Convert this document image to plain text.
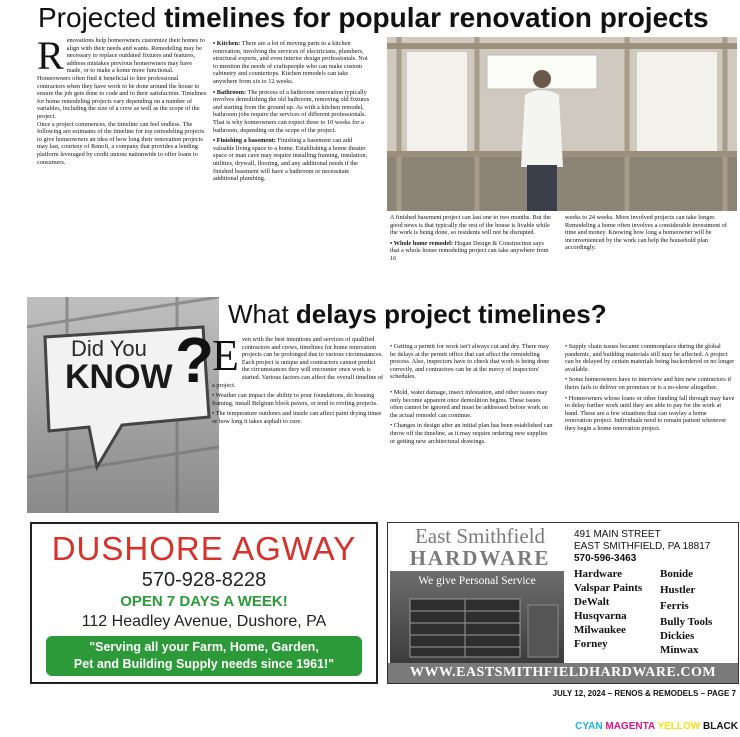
Projected timelines for popular renovation projects
R enovations help homeowners customize their homes to align with their needs and wants. Remodeling may be necessary to replace outdated fixtures and features, address mistakes previous homeowners may have made, or to make a home more functional.

Homeowners often find it beneficial to hire professional contractors when they have work to be done around the house to ensure the job gets done to code and to their satisfaction. Timelines for home remodeling projects vary depending on a number of variables, including the size of a crew as well as the scope of the project.

Once a project commences, the timeline can feel endless. The following are estimates of the timeline for top remodeling projects to give homeowners an idea of how long their renovation projects may last, courtesy of Renofi, a company that provides a lending platform leveraged by credit unions nationwide to offer loans to consumers.

• Kitchen: There are a lot of moving parts to a kitchen renovation, involving the services of electricians, plumbers, structural experts, and even interior design professionals. Not to mention the needs of craftspeople who can make custom cabinetry and countertops. Kitchen remodels can take anywhere from six to 12 weeks.

• Bathroom: The process of a bathroom renovation typically involves demolishing the old bathroom, removing old fixtures and starting from the ground up. As with a kitchen remodel, bathroom jobs require the services of different professionals. That is why homeowners can expect three to 10 weeks for a bathroom, depending on the scope of the project.

• Finishing a basement: Finishing a basement can add valuable living space to a home. Establishing a home theater space or man cave may require installing framing, insulation, utilities, drywall, flooring, and any additional needs if the finished basement will have a bathroom or necessitate additional plumbing.

A finished basement project can last one to two months. But the good news is that typically the rest of the house is livable while the work is being done, so residents will not be disrupted.

• Whole home remodel: Hogan Design & Construction says that a whole house remodeling project can take anywhere from 16

weeks to 24 weeks. More involved projects can take longer.

Remodeling a home often involves a considerable investment of time and money. Knowing how long a homeowner will be inconvenienced by the work can help the household plan accordingly.

Did You
KNOW ?
What delays project timelines?
E ven with the best intentions and services of qualified contractors and crews, timelines for home renovation projects can be prolonged due to various circumstances. Each project is unique and contractors cannot predict the circumstances they will encounter once work is started. Various factors can affect the overall timeline of a project.

• Weather can impact the ability to pour foundations, do housing framing, install Belgium block pavers, or tend to roofing projects.

• The temperature outdoors and inside can affect paint drying times or how long it takes asphalt to cure.

• Getting a permit for work isn't always cut and dry. There may be delays at the permit office that can affect the remodeling process. Also, inspectors have to check that work is being done correctly, and contractors can be at the mercy of inspectors' schedules.

• Mold, water damage, insect infestation, and other issues may only become apparent once demolition begins. These issues often cannot be ignored and must be addressed before work on the actual remodel can continue.

• Changes in design after an initial plan has been established can throw off the timeline, as it may require ordering new supplies or getting new architectural drawings.

• Supply chain issues became commonplace during the global pandemic, and building materials still may be affected. A project can be delayed by certain materials being backordered or no longer available.

• Some homeowners have to interview and hire new contractors if theirs fails to deliver on promises or is a no-show altogether.

• Homeowners whose loans or other funding fall through may have to delay further work until they are able to pay for the work at hand. These are a few situations that can waylay a home renovation project. Individuals need to remain patient whenever they begin a home renovation project.

DUSHORE AGWAY
570-928-8228
OPEN 7 DAYS A WEEK!
112 Headley Avenue, Dushore, PA
"Serving all your Farm, Home, Garden,
Pet and Building Supply needs since 1961!"
East Smithfield
HARDWARE
We give Personal Service
491 MAIN STREET
EAST SMITHFIELD, PA 18817
570-596-3463
Hardware
Valspar Paints
DeWalt
Husqvarna
Milwaukee
Forney
Bonide
Hustler
Ferris
Bully Tools
Dickies
Minwax
WWW.EASTSMITHFIELDHARDWARE.COM
JULY 12, 2024 – RENOS & REMODELS – PAGE 7
CYAN MAGENTA YELLOW BLACK
